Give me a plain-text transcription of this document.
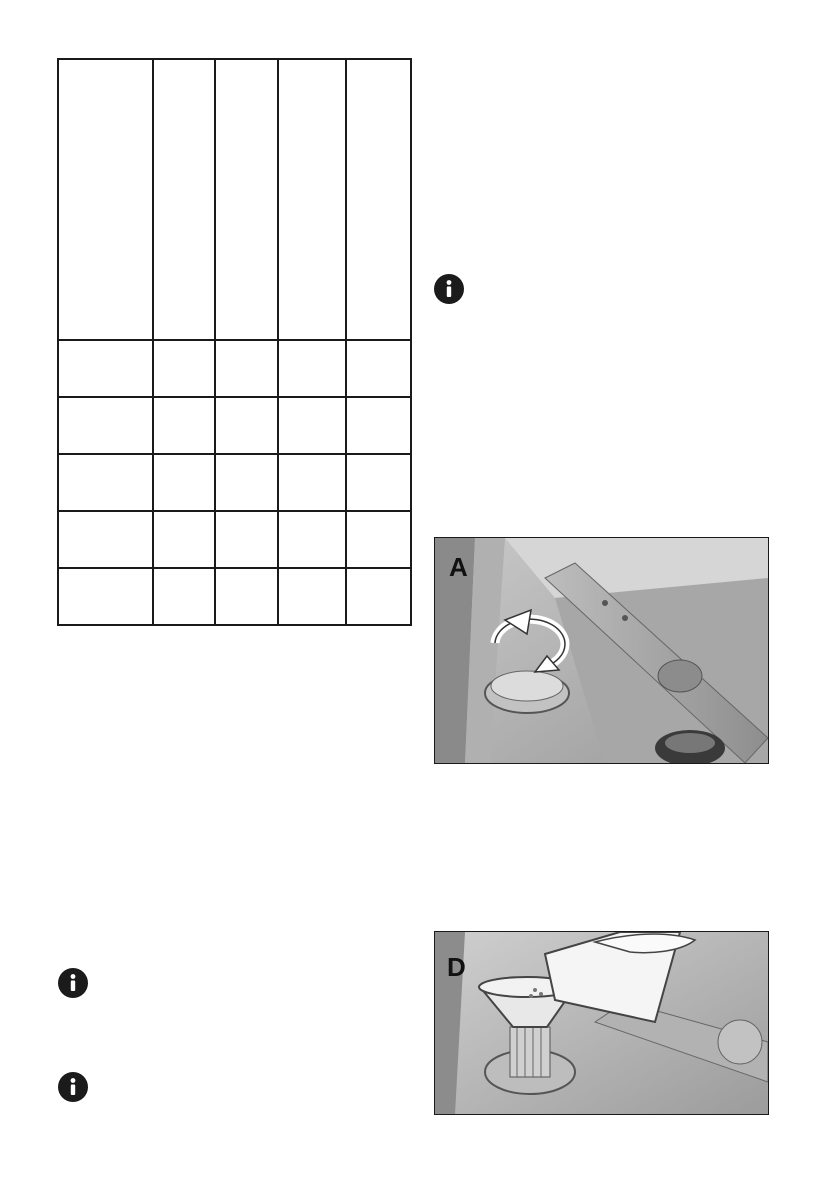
A
D
